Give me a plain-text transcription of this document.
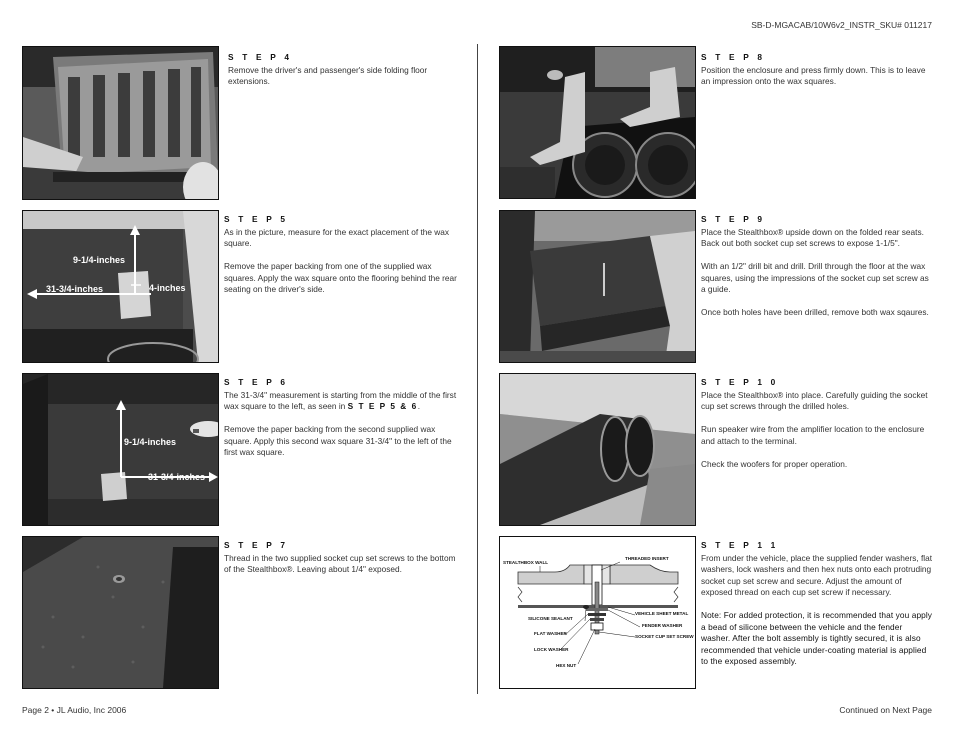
SB-D-MGACAB/10W6v2_INSTR_SKU# 011217
S T E P 4

Remove the driver's and passenger's side folding floor extensions.

9-1/4-inches
31-3/4-inches	4-inches
S T E P 5

As in the picture, measure for the exact placement of the wax square.

Remove the paper backing from one of the supplied wax squares. Apply the wax square onto the flooring behind the rear seating on the driver's side.

9-1/4-inches
31-3/4-inches
S T E P 6

The 31-3/4" measurement is starting from the middle of the first wax square to the left, as seen in S T E P 5 & 6.

Remove the paper backing from the second supplied wax square. Apply this second wax square 31-3/4" to the left of the first wax square.

S T E P 7

Thread in the two supplied socket cup set screws to the bottom of the Stealthbox®. Leaving about 1/4" exposed.

S T E P 8

Position the enclosure and press firmly down. This is to leave an impression onto the wax squares.

S T E P 9

Place the Stealthbox® upside down on the folded rear seats. Back out both socket cup set screws to expose 1-1/5".

With an 1/2" drill bit and drill. Drill through the floor at the wax squares, using the impressions of the socket cup set screw as a guide.

Once both holes have been drilled, remove both wax sqaures.

S T E P 1 0

Place the Stealthbox® into place. Carefully guiding the socket cup set screws through the drilled holes.

Run speaker wire from the amplifier location to the enclosure and attach to the terminal.

Check the woofers for proper operation.

STEALTHBOX WALL
THREADED INSERT
SILICONE SEALANT
VEHICLE SHEET METAL
FENDER WASHER
FLAT WASHER
SOCKET CUP SET SCREW
LOCK WASHER
HEX NUT
S T E P 1 1

From under the vehicle, place the supplied fender washers, flat washers, lock washers and then hex nuts onto each protruding socket cup set screw and secure. Adjust the amount of exposed thread on each cup set screw if necessary.

Note: For added protection, it is recommended that you apply a bead of silicone between the vehicle and the fender washer. After the bolt assembly is tightly secured, it is also recommended that vehicle under-coating material is applied to the exposed assembly.

Page 2 • JL Audio, Inc 2006	Continued on Next Page
